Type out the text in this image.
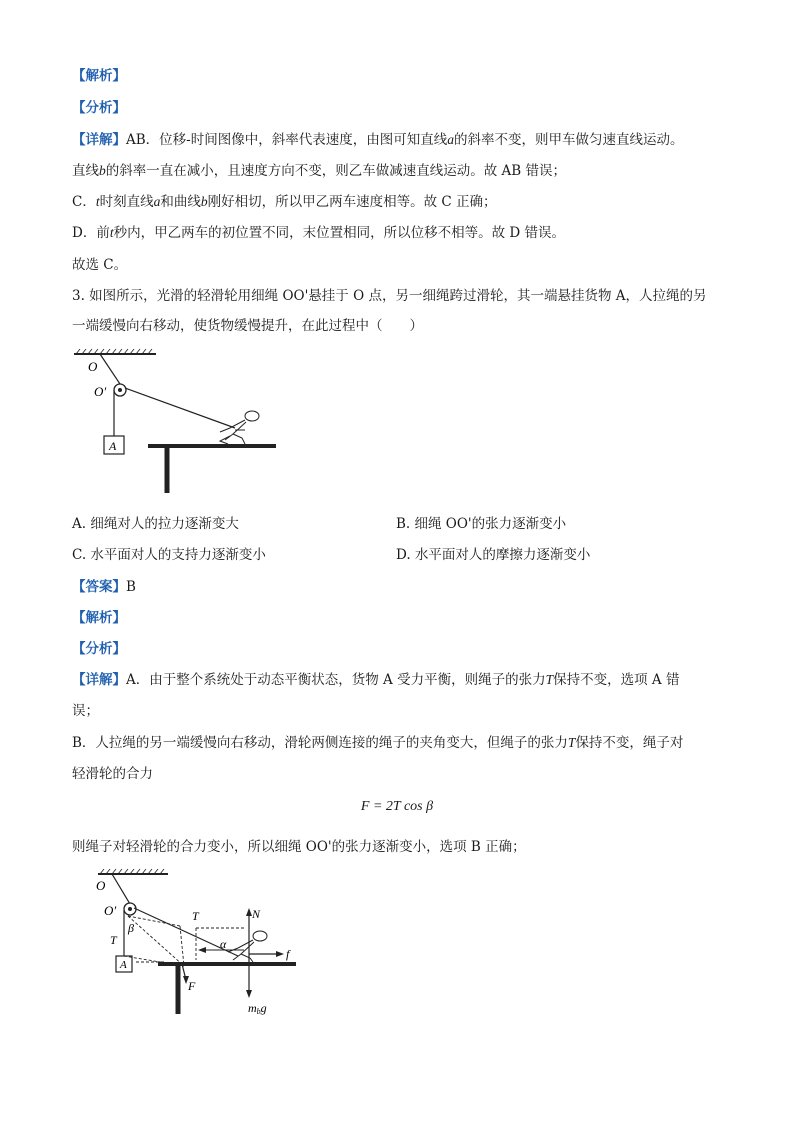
【解析】
【分析】
【详解】AB．位移-时间图像中，斜率代表速度，由图可知直线a的斜率不变，则甲车做匀速直线运动。
直线b的斜率一直在减小，且速度方向不变，则乙车做减速直线运动。故 AB 错误；
C．t时刻直线a和曲线b刚好相切，所以甲乙两车速度相等。故 C 正确；
D．前t秒内，甲乙两车的初位置不同，末位置相同，所以位移不相等。故 D 错误。
故选 C。
3. 如图所示，光滑的轻滑轮用细绳 OO'悬挂于 O 点，另一细绳跨过滑轮，其一端悬挂货物 A，人拉绳的另
一端缓慢向右移动，使货物缓慢提升，在此过程中（　　）
O
O′
A
A. 细绳对人的拉力逐渐变大	B. 细绳 OO'的张力逐渐变小
C. 水平面对人的支持力逐渐变小	D. 水平面对人的摩擦力逐渐变小
【答案】B
【解析】
【分析】
【详解】A．由于整个系统处于动态平衡状态，货物 A 受力平衡，则绳子的张力T保持不变，选项 A 错
误；
B．人拉绳的另一端缓慢向右移动，滑轮两侧连接的绳子的夹角变大，但绳子的张力T保持不变，绳子对
轻滑轮的合力
F = 2T cos β
则绳子对轻滑轮的合力变小，所以细绳 OO'的张力逐渐变小，选项 B 正确；
O
O′
T
β
A
T
F
α
N
f
mbg
